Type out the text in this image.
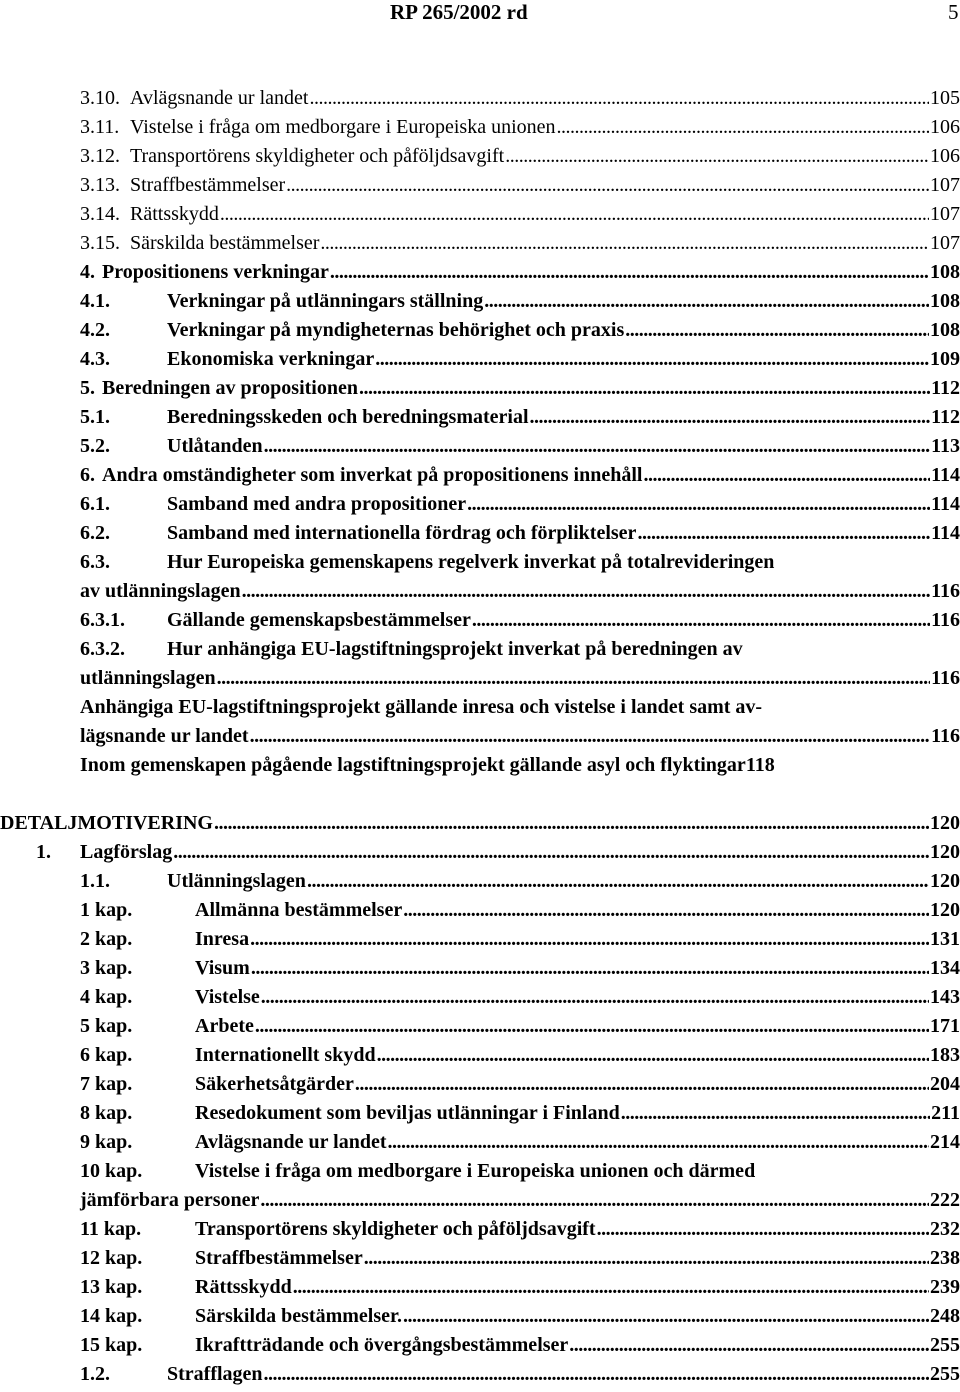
RP 265/2002 rd	5
3.10. Avlägsnande ur landet .....	105
3.11. Vistelse i fråga om medborgare i Europeiska unionen .....	106
3.12. Transportörens skyldigheter och påföljdsavgift .....	106
3.13. Straffbestämmelser .....	107
3.14. Rättsskydd .....	107
3.15. Särskilda bestämmelser .....	107
4. Propositionens verkningar .....	108
4.1.	Verkningar på utlänningars ställning .....	108
4.2.	Verkningar på myndigheternas behörighet och praxis .....	108
4.3.	Ekonomiska verkningar .....	109
5. Beredningen av propositionen .....	112
5.1.	Beredningsskeden och beredningsmaterial .....	112
5.2.	Utlåtanden .....	113
6. Andra omständigheter som inverkat på propositionens innehåll .....	114
6.1.	Samband med andra propositioner .....	114
6.2.	Samband med internationella fördrag och förpliktelser .....	114
6.3.	Hur Europeiska gemenskapens regelverk inverkat på totalrevideringen
av utlänningslagen .....	116
6.3.1.	Gällande gemenskapsbestämmelser .....	116
6.3.2.	Hur anhängiga EU-lagstiftningsprojekt inverkat på beredningen av
utlänningslagen .....	116
Anhängiga EU-lagstiftningsprojekt gällande inresa och vistelse i landet samt av-
lägsnande ur landet .....	116
Inom gemenskapen pågående lagstiftningsprojekt gällande asyl och flyktingar 118
DETALJMOTIVERING .....	120
1.	Lagförslag .....	120
1.1.	Utlänningslagen .....	120
1 kap.	Allmänna bestämmelser .....	120
2 kap.	Inresa .....	131
3 kap.	Visum .....	134
4 kap.	Vistelse .....	143
5 kap.	Arbete .....	171
6 kap.	Internationellt skydd .....	183
7 kap.	Säkerhetsåtgärder .....	204
8 kap.	Resedokument som beviljas utlänningar i Finland .....	211
9 kap.	Avlägsnande ur landet .....	214
10 kap.	Vistelse i fråga om medborgare i Europeiska unionen och därmed
jämförbara personer .....	222
11 kap.	Transportörens skyldigheter och påföljdsavgift .....	232
12 kap.	Straffbestämmelser .....	238
13 kap.	Rättsskydd .....	239
14 kap.	Särskilda bestämmelser. .....	248
15 kap.	Ikraftträdande och övergångsbestämmelser .....	255
1.2.	Strafflagen .....	255
